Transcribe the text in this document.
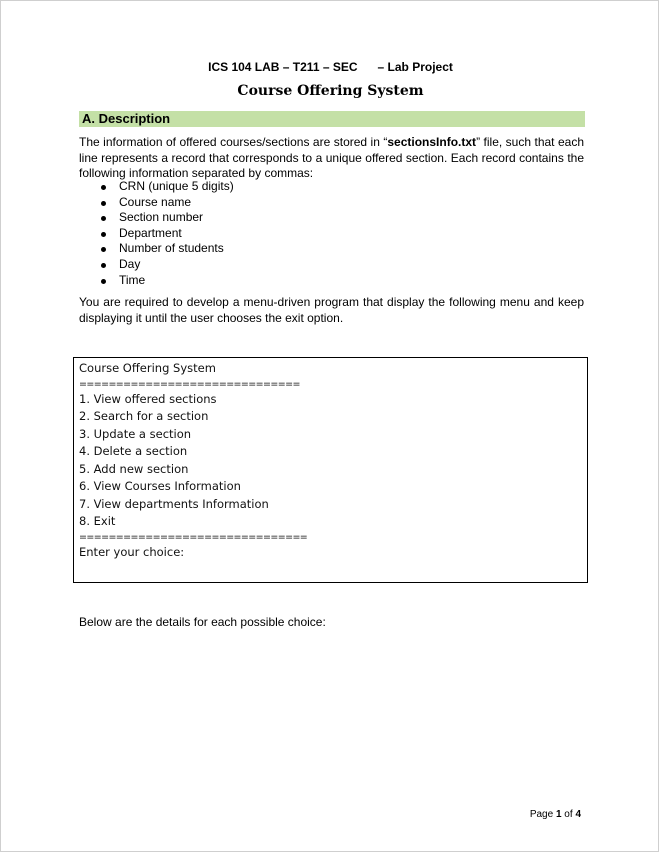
ICS 104 LAB – T211 – SEC      – Lab Project
Course Offering System
A. Description
The information of offered courses/sections are stored in “sectionsInfo.txt” file, such that each line represents a record that corresponds to a unique offered section. Each record contains the following information separated by commas:
CRN (unique 5 digits)
Course name
Section number
Department
Number of students
Day
Time
You are required to develop a menu-driven program that display the following menu and keep displaying it until the user chooses the exit option.
Course Offering System
==============================
1. View offered sections
2. Search for a section
3. Update a section
4. Delete a section
5. Add new section
6. View Courses Information
7. View departments Information
8. Exit
===============================
Enter your choice:
Below are the details for each possible choice:
Page 1 of 4
